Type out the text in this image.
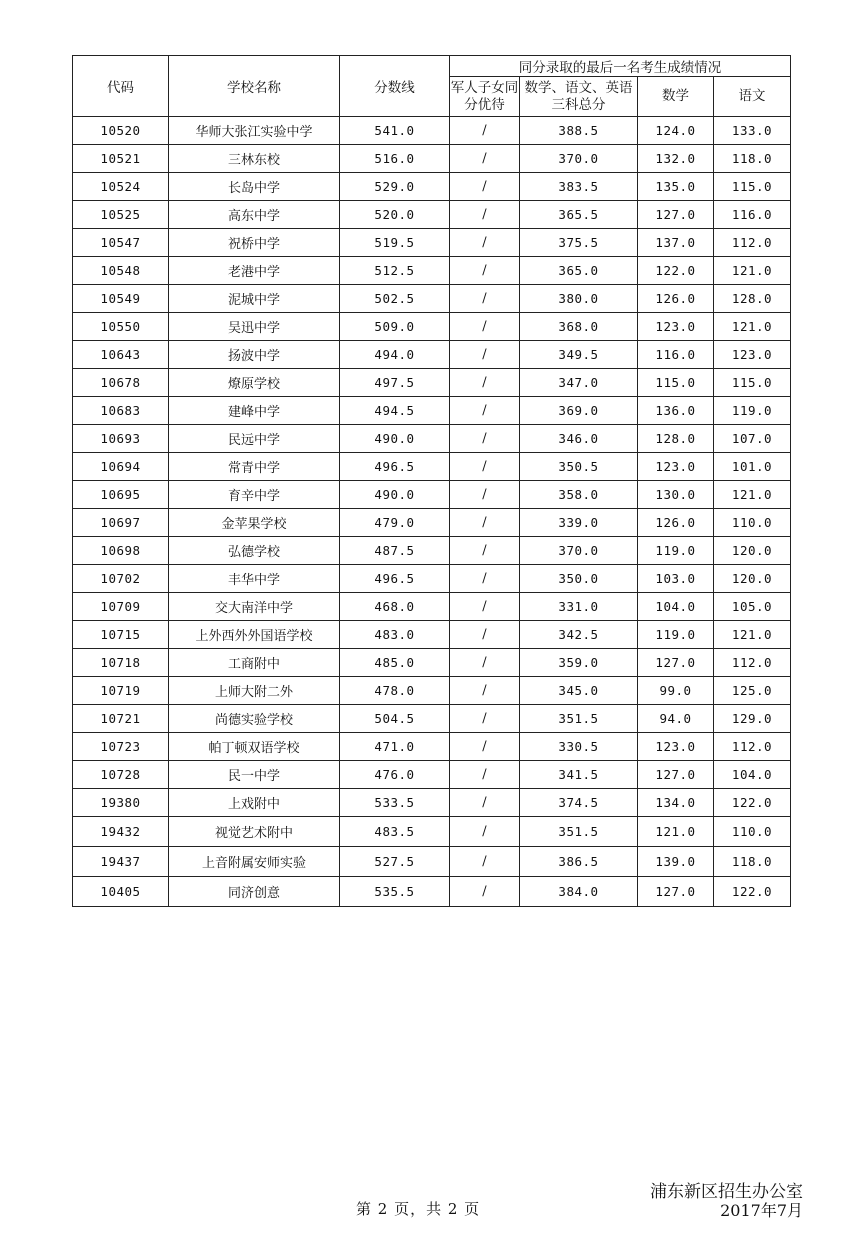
代码	学校名称	分数线	同分录取的最后一名考生成绩情况			
			军人子女同分优待	数学、语文、英语三科总分	数学	语文
10520	华师大张江实验中学	541.0	/	388.5	124.0	133.0
10521	三林东校	516.0	/	370.0	132.0	118.0
10524	长岛中学	529.0	/	383.5	135.0	115.0
10525	高东中学	520.0	/	365.5	127.0	116.0
10547	祝桥中学	519.5	/	375.5	137.0	112.0
10548	老港中学	512.5	/	365.0	122.0	121.0
10549	泥城中学	502.5	/	380.0	126.0	128.0
10550	吴迅中学	509.0	/	368.0	123.0	121.0
10643	扬波中学	494.0	/	349.5	116.0	123.0
10678	燎原学校	497.5	/	347.0	115.0	115.0
10683	建峰中学	494.5	/	369.0	136.0	119.0
10693	民远中学	490.0	/	346.0	128.0	107.0
10694	常青中学	496.5	/	350.5	123.0	101.0
10695	育辛中学	490.0	/	358.0	130.0	121.0
10697	金苹果学校	479.0	/	339.0	126.0	110.0
10698	弘德学校	487.5	/	370.0	119.0	120.0
10702	丰华中学	496.5	/	350.0	103.0	120.0
10709	交大南洋中学	468.0	/	331.0	104.0	105.0
10715	上外西外外国语学校	483.0	/	342.5	119.0	121.0
10718	工商附中	485.0	/	359.0	127.0	112.0
10719	上师大附二外	478.0	/	345.0	99.0	125.0
10721	尚德实验学校	504.5	/	351.5	94.0	129.0
10723	帕丁顿双语学校	471.0	/	330.5	123.0	112.0
10728	民一中学	476.0	/	341.5	127.0	104.0
19380	上戏附中	533.5	/	374.5	134.0	122.0
19432	视觉艺术附中	483.5	/	351.5	121.0	110.0
19437	上音附属安师实验	527.5	/	386.5	139.0	118.0
10405	同济创意	535.5	/	384.0	127.0	122.0
浦东新区招生办公室
第 2 页，共 2 页	2017年7月
